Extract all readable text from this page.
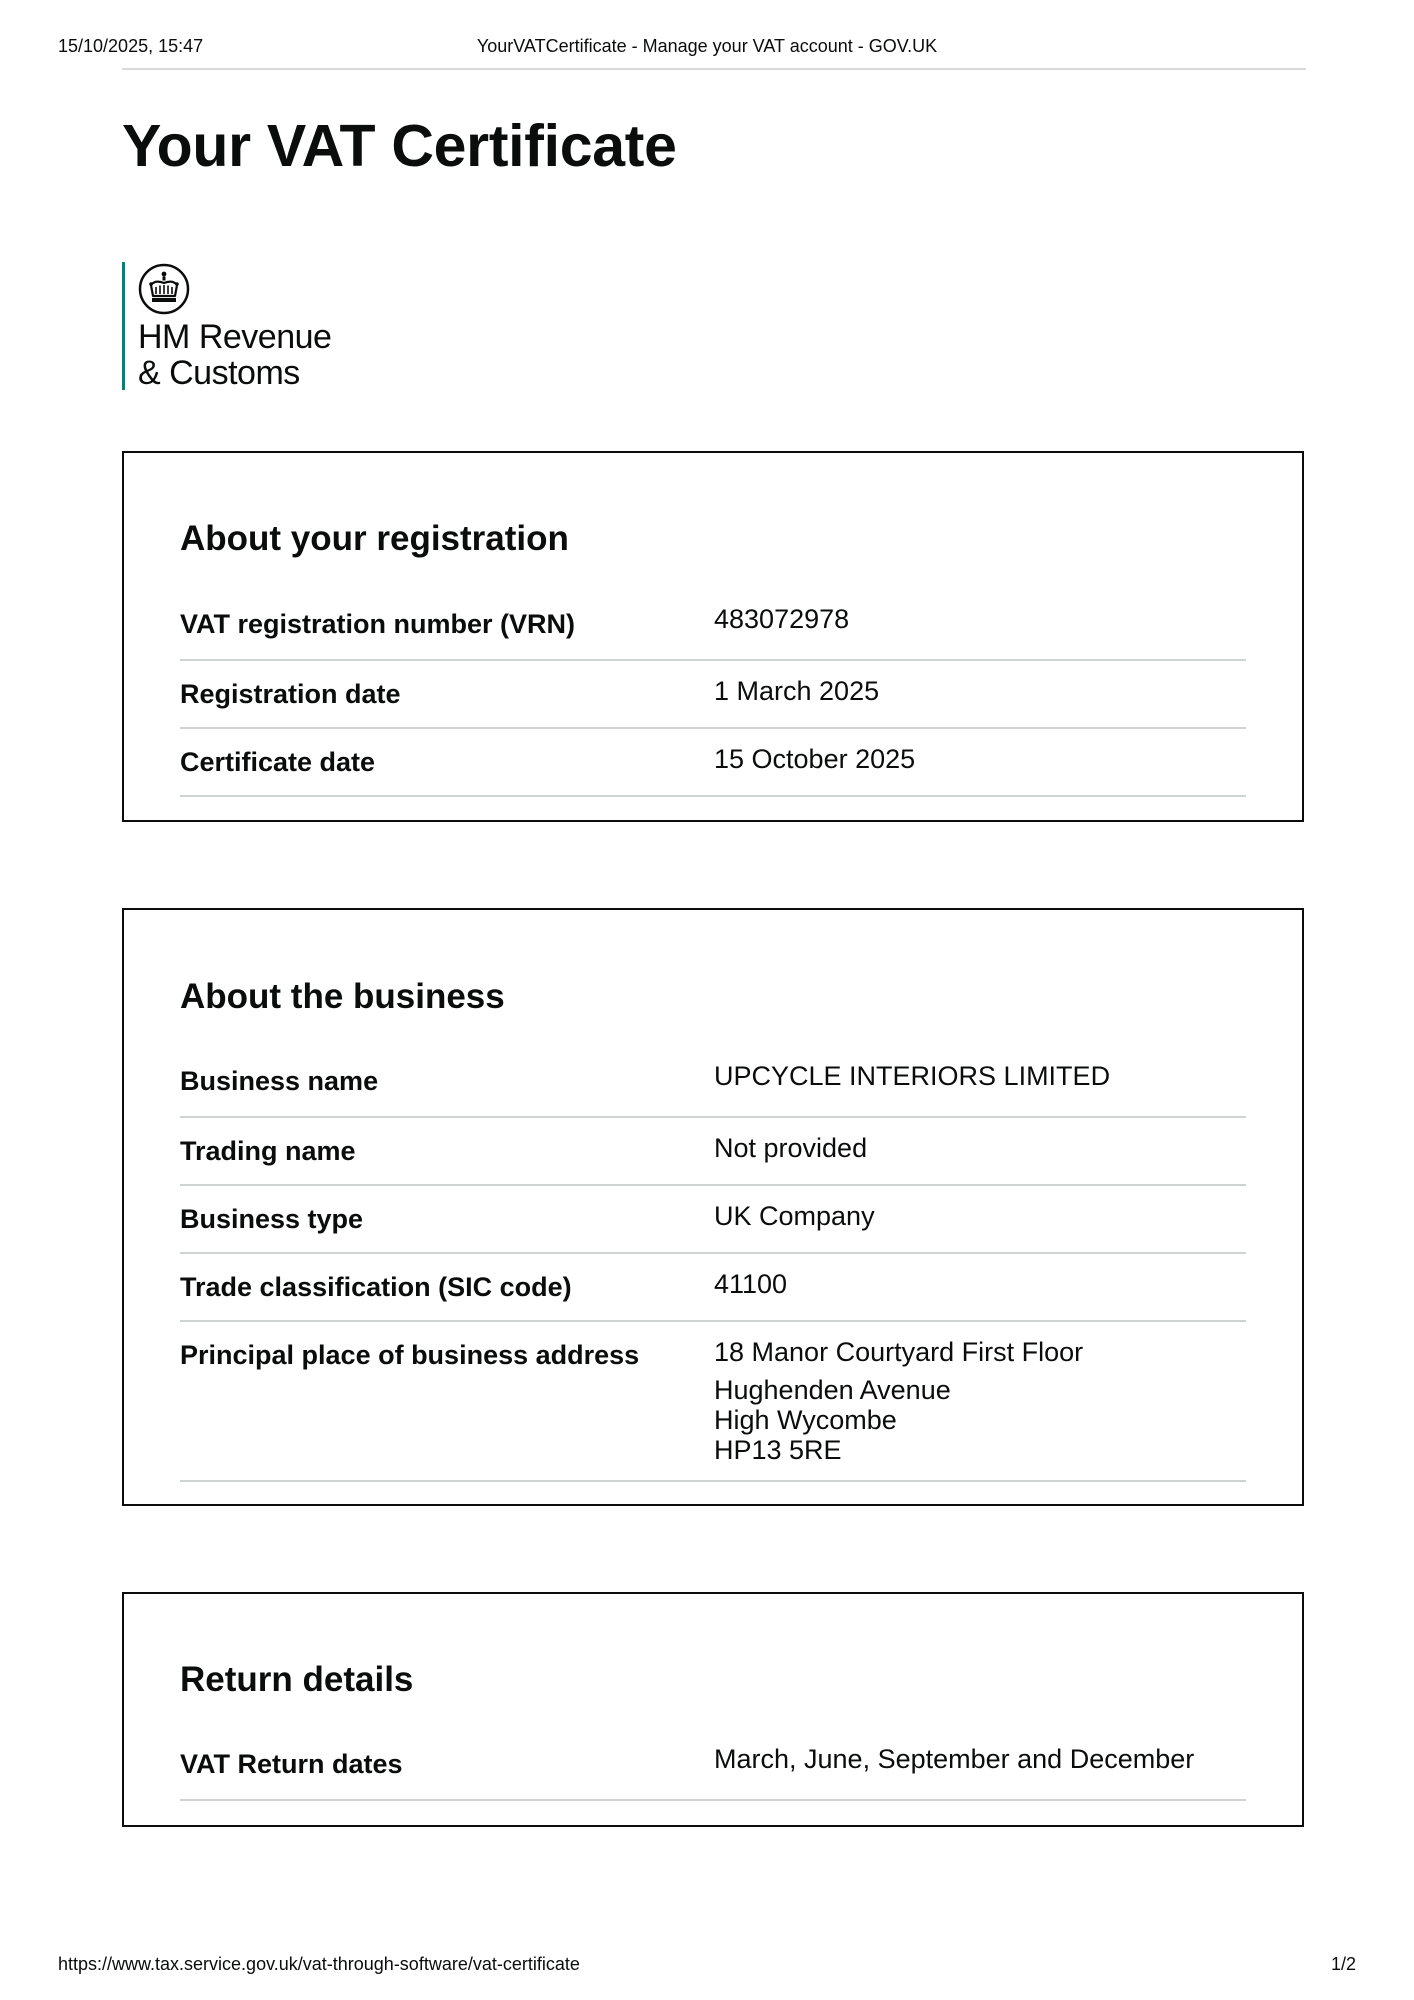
15/10/2025, 15:47	YourVATCertificate - Manage your VAT account - GOV.UK
Your VAT Certificate
HM Revenue
& Customs
About your registration
VAT registration number (VRN)	483072978
Registration date	1 March 2025
Certificate date	15 October 2025
About the business
Business name	UPCYCLE INTERIORS LIMITED
Trading name	Not provided
Business type	UK Company
Trade classification (SIC code)	41100
Principal place of business address	18 Manor Courtyard First Floor
Hughenden Avenue
High Wycombe
HP13 5RE
Return details
VAT Return dates	March, June, September and December
https://www.tax.service.gov.uk/vat-through-software/vat-certificate	1/2
